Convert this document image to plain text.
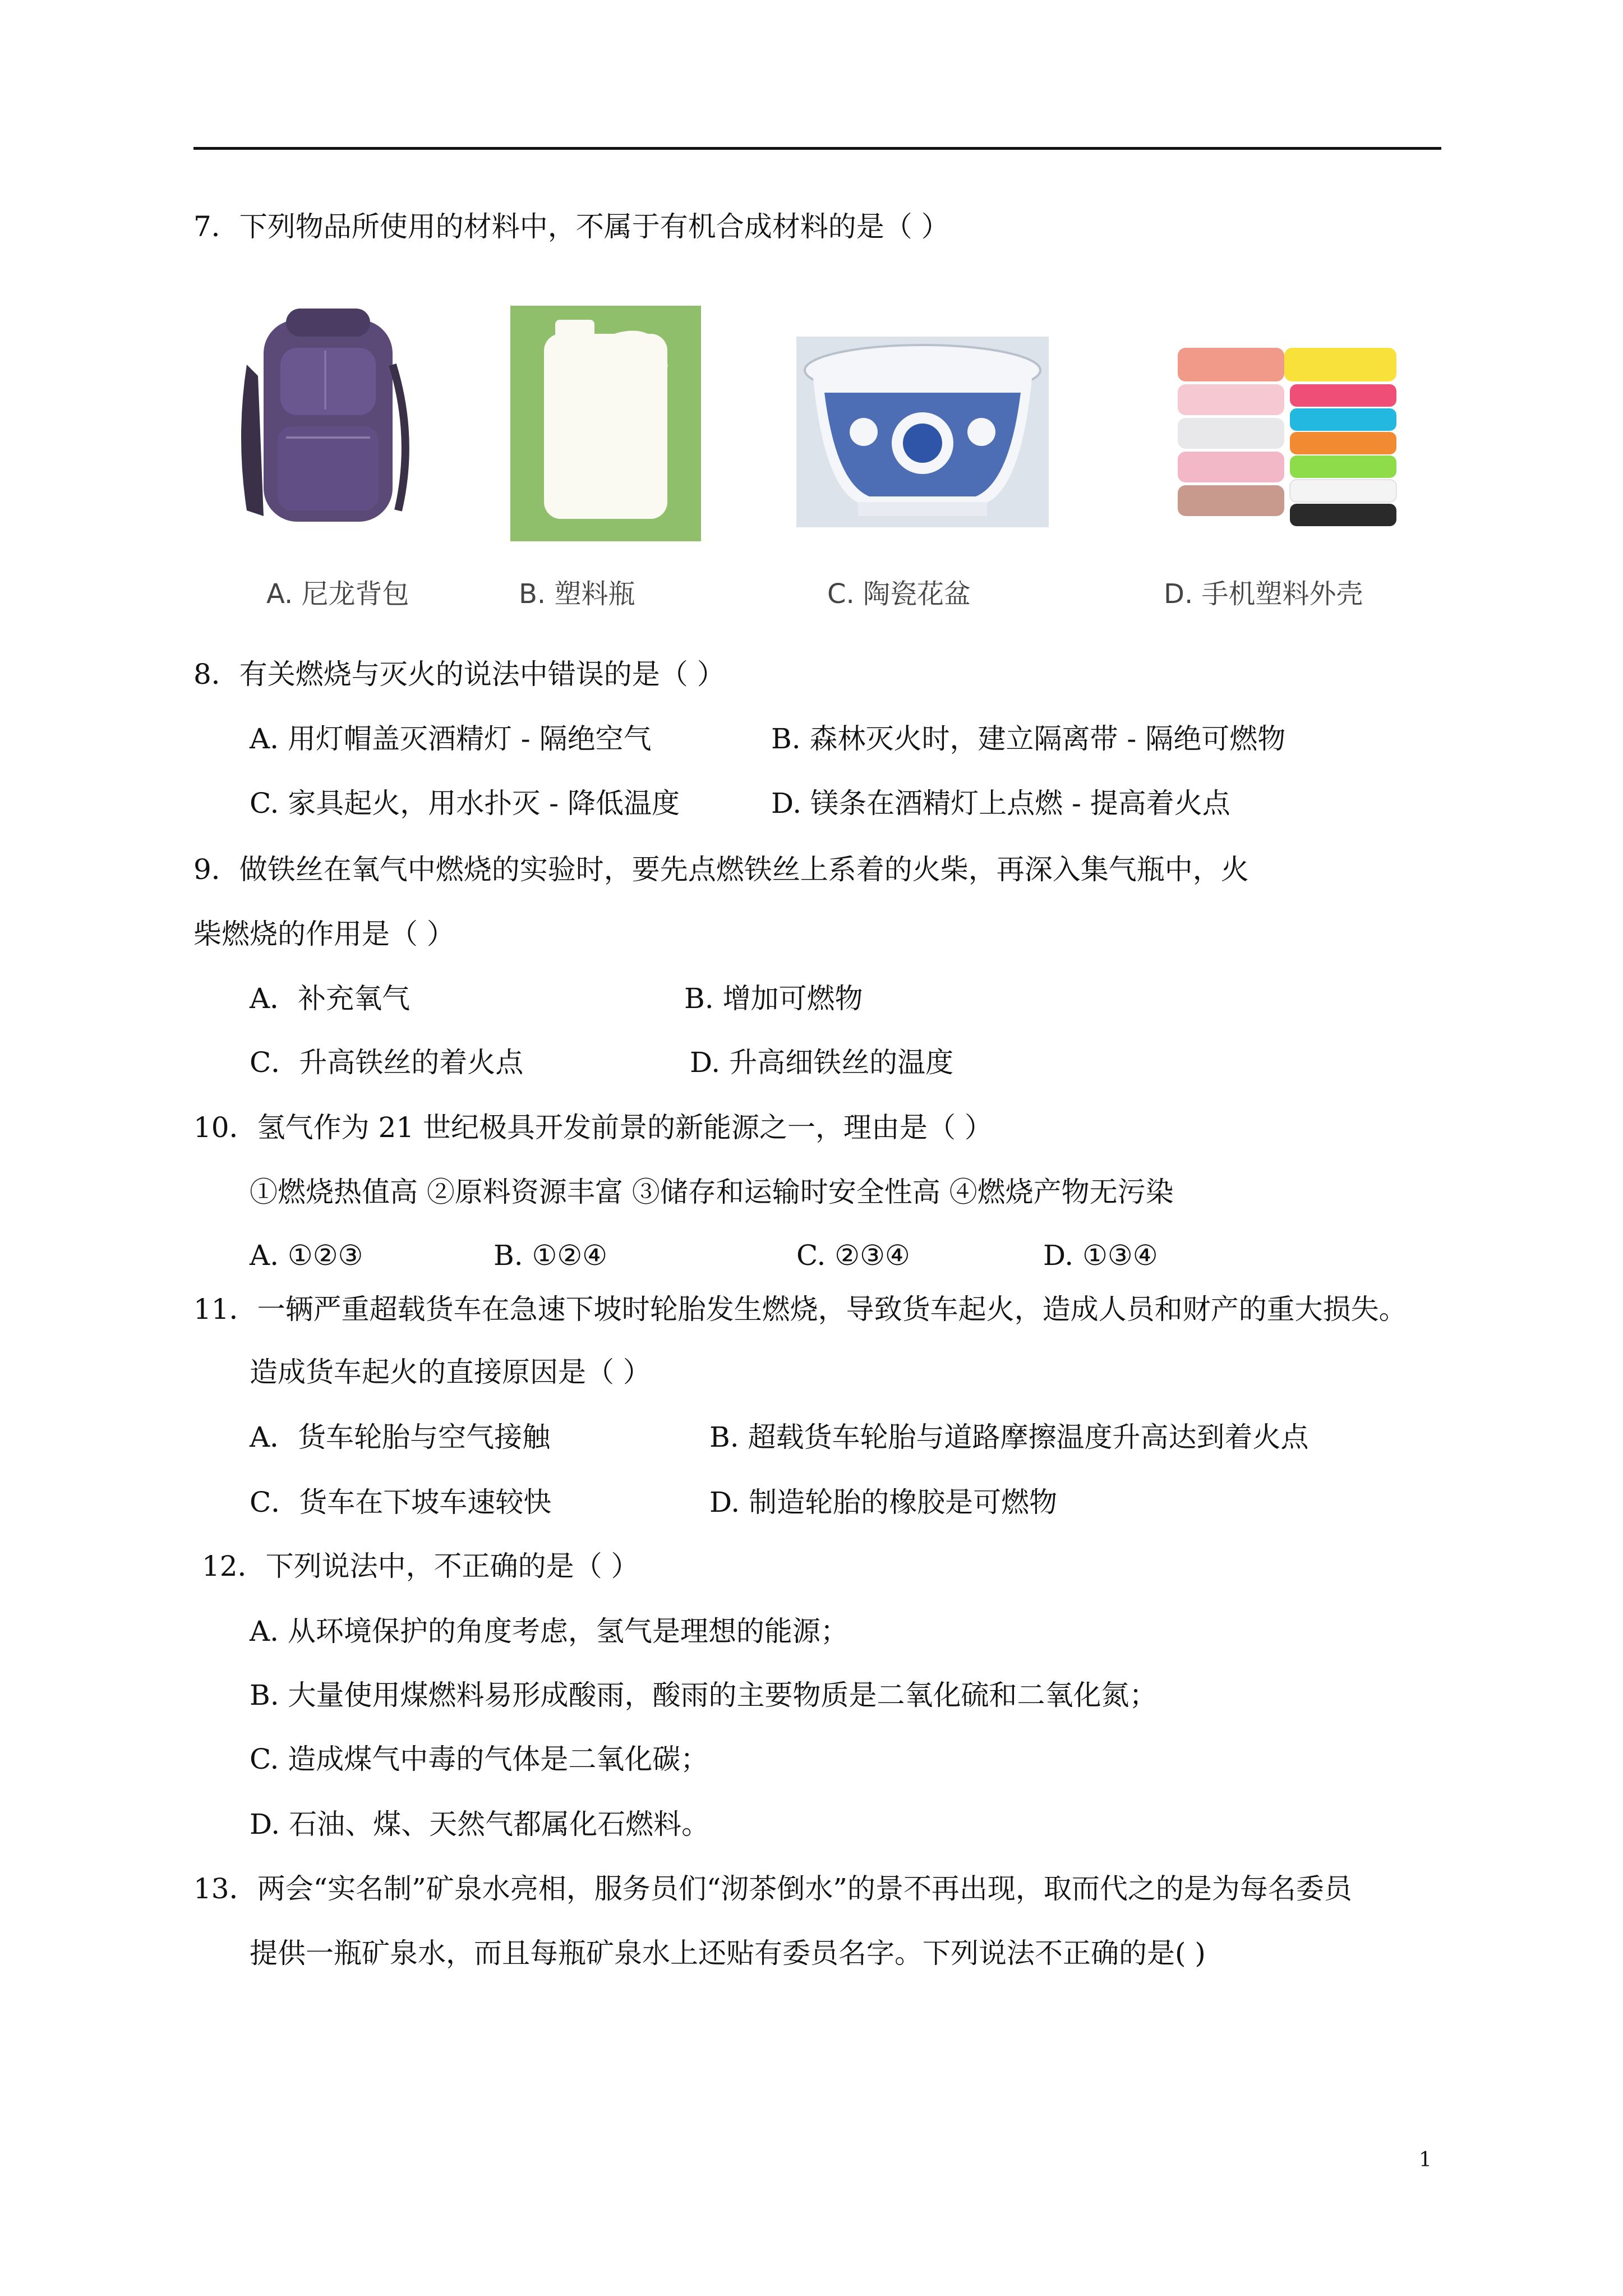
7．下列物品所使用的材料中，不属于有机合成材料的是（ ）
A. 尼龙背包	B. 塑料瓶	C. 陶瓷花盆	D. 手机塑料外壳
8．有关燃烧与灭火的说法中错误的是（ ）
A. 用灯帽盖灭酒精灯 - 隔绝空气	B. 森林灭火时，建立隔离带 - 隔绝可燃物
C. 家具起火，用水扑灭 - 降低温度	D. 镁条在酒精灯上点燃 - 提高着火点
9．做铁丝在氧气中燃烧的实验时，要先点燃铁丝上系着的火柴，再深入集气瓶中，火
柴燃烧的作用是（ ）
A．补充氧气	B. 增加可燃物
C．升高铁丝的着火点	D. 升高细铁丝的温度
10．氢气作为 21 世纪极具开发前景的新能源之一，理由是（ ）
①燃烧热值高 ②原料资源丰富 ③储存和运输时安全性高 ④燃烧产物无污染
A. ①②③	B. ①②④	C. ②③④	D. ①③④
11．一辆严重超载货车在急速下坡时轮胎发生燃烧，导致货车起火，造成人员和财产的重大损失。
造成货车起火的直接原因是（ ）
A．货车轮胎与空气接触	B. 超载货车轮胎与道路摩擦温度升高达到着火点
C．货车在下坡车速较快	D. 制造轮胎的橡胶是可燃物
12．下列说法中，不正确的是（ ）
A. 从环境保护的角度考虑，氢气是理想的能源；
B. 大量使用煤燃料易形成酸雨，酸雨的主要物质是二氧化硫和二氧化氮；
C. 造成煤气中毒的气体是二氧化碳；
D. 石油、煤、天然气都属化石燃料。
13．两会“实名制”矿泉水亮相，服务员们“沏茶倒水”的景不再出现，取而代之的是为每名委员
提供一瓶矿泉水，而且每瓶矿泉水上还贴有委员名字。下列说法不正确的是( )
1
